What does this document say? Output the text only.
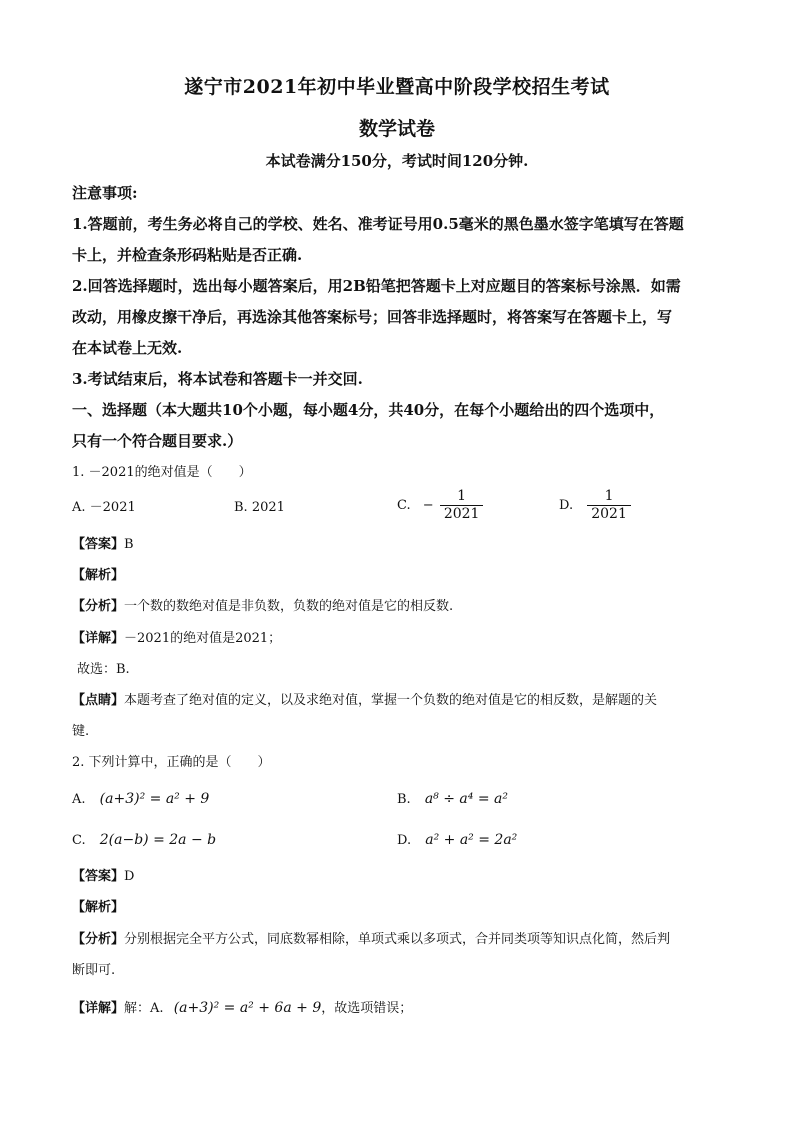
遂宁市2021年初中毕业暨高中阶段学校招生考试
数学试卷
本试卷满分150分，考试时间120分钟.
注意事项:
1.答题前，考生务必将自己的学校、姓名、准考证号用0.5毫米的黑色墨水签字笔填写在答题
卡上，并检查条形码粘贴是否正确.
2.回答选择题时，选出每小题答案后，用2B铅笔把答题卡上对应题目的答案标号涂黑．如需
改动，用橡皮擦干净后，再选涂其他答案标号；回答非选择题时，将答案写在答题卡上，写
在本试卷上无效.
3.考试结束后，将本试卷和答题卡一并交回.
一、选择题（本大题共10个小题，每小题4分，共40分，在每个小题给出的四个选项中，
只有一个符合题目要求.）
1. －2021的绝对值是（　　）
A. －2021	B. 2021	C. − $\frac{1}{2021}$	D. $\frac{1}{2021}$
【答案】B
【解析】
【分析】一个数的数绝对值是非负数，负数的绝对值是它的相反数.
【详解】－2021的绝对值是2021；
故选：B.
【点睛】本题考查了绝对值的定义，以及求绝对值，掌握一个负数的绝对值是它的相反数，是解题的关
键.
2. 下列计算中，正确的是（　　）
A. (a+3)² = a² + 9	B. a⁸ ÷ a⁴ = a²
C. 2(a−b) = 2a − b	D. a² + a² = 2a²
【答案】D
【解析】
【分析】分别根据完全平方公式，同底数幂相除，单项式乘以多项式，合并同类项等知识点化简，然后判
断即可.
【详解】解：A. (a+3)² = a² + 6a + 9，故选项错误；
